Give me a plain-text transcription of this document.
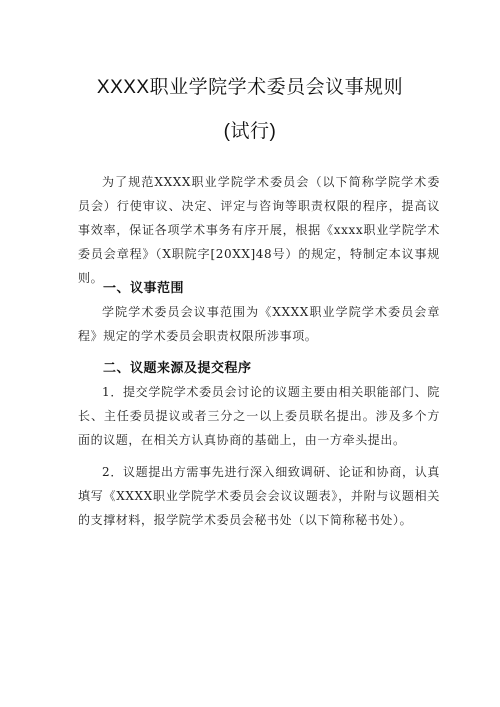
XXXX职业学院学术委员会议事规则
(试行)

为了规范XXXX职业学院学术委员会（以下简称学院学术委员会）行使审议、决定、评定与咨询等职责权限的程序，提高议事效率，保证各项学术事务有序开展，根据《xxxx职业学院学术委员会章程》（X职院字[20XX]48号）的规定，特制定本议事规则。

一、议事范围

学院学术委员会议事范围为《XXXX职业学院学术委员会章程》规定的学术委员会职责权限所涉事项。

二、议题来源及提交程序

1．提交学院学术委员会讨论的议题主要由相关职能部门、院长、主任委员提议或者三分之一以上委员联名提出。涉及多个方面的议题，在相关方认真协商的基础上，由一方牵头提出。

2．议题提出方需事先进行深入细致调研、论证和协商，认真填写《XXXX职业学院学术委员会会议议题表》，并附与议题相关的支撑材料，报学院学术委员会秘书处（以下简称秘书处）。
